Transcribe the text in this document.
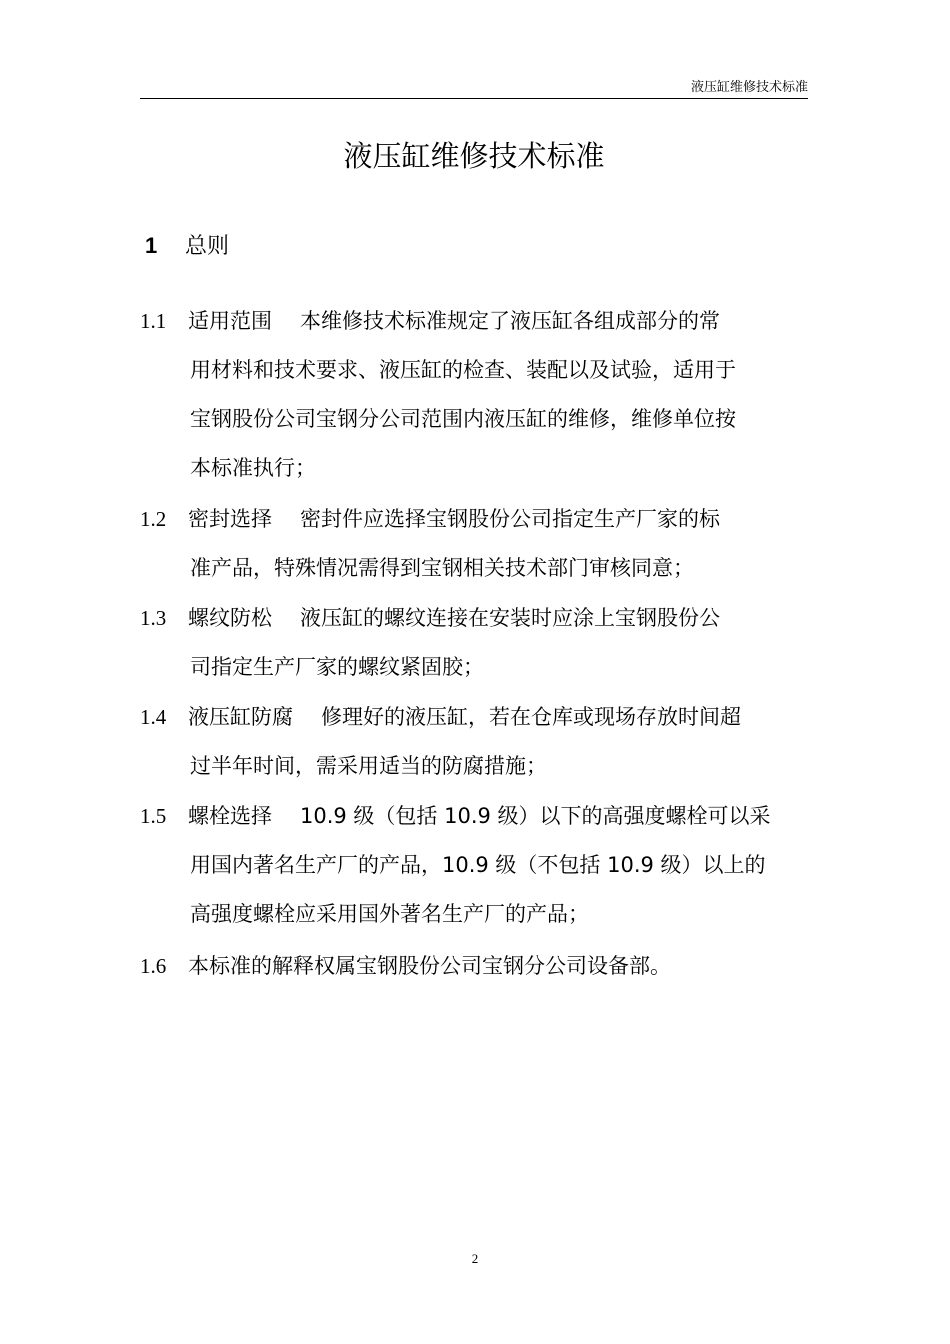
液压缸维修技术标准
液压缸维修技术标准
1 总则
1.1	适用范围 本维修技术标准规定了液压缸各组成部分的常
用材料和技术要求、液压缸的检查、装配以及试验，适用于
宝钢股份公司宝钢分公司范围内液压缸的维修，维修单位按
本标准执行；
1.2	密封选择 密封件应选择宝钢股份公司指定生产厂家的标
准产品，特殊情况需得到宝钢相关技术部门审核同意；
1.3	螺纹防松 液压缸的螺纹连接在安装时应涂上宝钢股份公
司指定生产厂家的螺纹紧固胶；
1.4	液压缸防腐 修理好的液压缸，若在仓库或现场存放时间超
过半年时间，需采用适当的防腐措施；
1.5	螺栓选择 10.9 级（包括 10.9 级）以下的高强度螺栓可以采
用国内著名生产厂的产品，10.9 级（不包括 10.9 级）以上的
高强度螺栓应采用国外著名生产厂的产品；
1.6	本标准的解释权属宝钢股份公司宝钢分公司设备部。
2
